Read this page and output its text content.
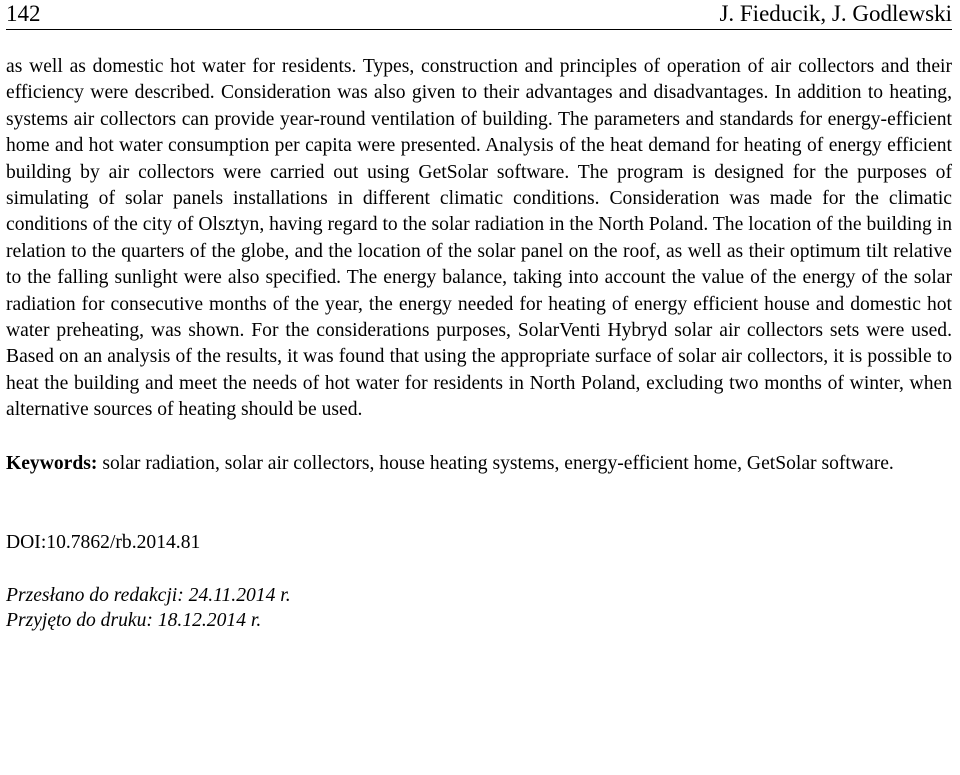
142	J. Fieducik, J. Godlewski
as well as domestic hot water for residents. Types, construction and principles of operation of air collectors and their efficiency were described. Consideration was also given to their advantages and disadvantages. In addition to heating, systems air collectors can provide year-round ventilation of building. The parameters and standards for energy-efficient home and hot water consumption per capita were presented. Analysis of the heat demand for heating of energy efficient building by air collectors were carried out using GetSolar software. The program is designed for the purposes of simulating of solar panels installations in different climatic conditions. Consideration was made for the climatic conditions of the city of Olsztyn, having regard to the solar radiation in the North Poland. The location of the building in relation to the quarters of the globe, and the location of the solar panel on the roof, as well as their optimum tilt relative to the falling sunlight were also specified. The energy balance, taking into account the value of the energy of the solar radiation for consecutive months of the year, the energy needed for heating of energy efficient house and domestic hot water preheating, was shown. For the considerations purposes, SolarVenti Hybryd solar air collectors sets were used. Based on an analysis of the results, it was found that using the appropriate surface of solar air collectors, it is possible to heat the building and meet the needs of hot water for residents in North Poland, excluding two months of winter, when alternative sources of heating should be used.
Keywords: solar radiation, solar air collectors, house heating systems, energy-efficient home, GetSolar software.
DOI:10.7862/rb.2014.81
Przesłano do redakcji: 24.11.2014 r.
Przyjęto do druku: 18.12.2014 r.
